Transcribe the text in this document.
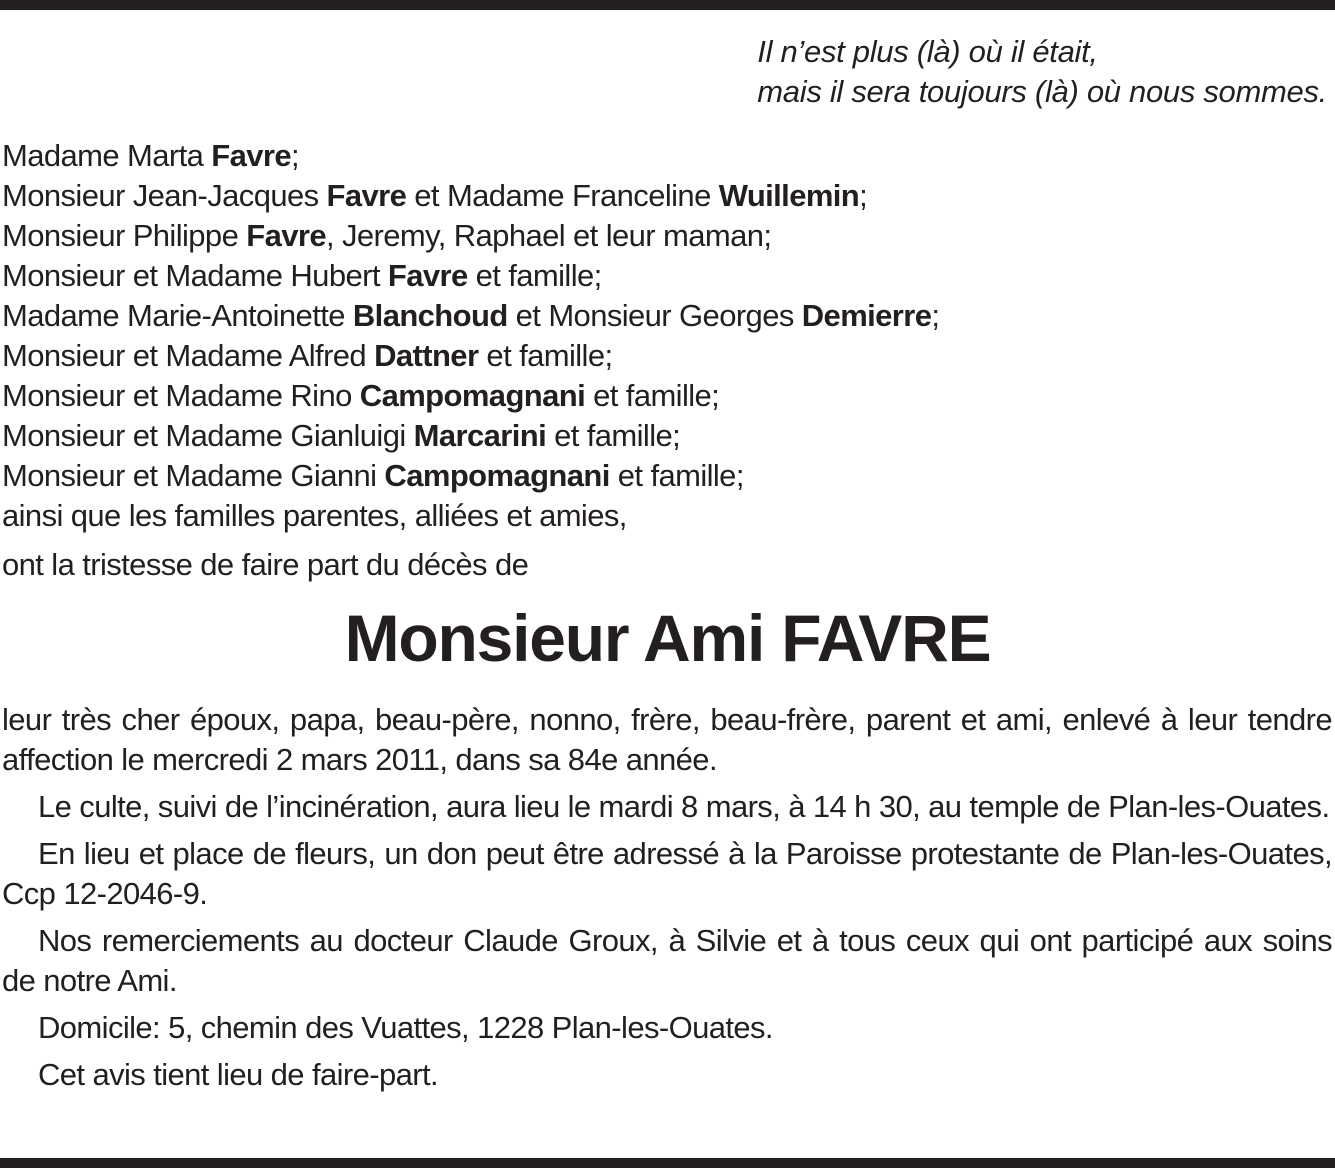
Il n’est plus (là) où il était,
mais il sera toujours (là) où nous sommes.
Madame Marta Favre;
Monsieur Jean-Jacques Favre et Madame Franceline Wuillemin;
Monsieur Philippe Favre, Jeremy, Raphael et leur maman;
Monsieur et Madame Hubert Favre et famille;
Madame Marie-Antoinette Blanchoud et Monsieur Georges Demierre;
Monsieur et Madame Alfred Dattner et famille;
Monsieur et Madame Rino Campomagnani et famille;
Monsieur et Madame Gianluigi Marcarini et famille;
Monsieur et Madame Gianni Campomagnani et famille;
ainsi que les familles parentes, alliées et amies,
ont la tristesse de faire part du décès de
Monsieur Ami FAVRE

leur très cher époux, papa, beau-père, nonno, frère, beau-frère, parent et ami, enlevé à leur tendre affection le mercredi 2 mars 2011, dans sa 84e année.

Le culte, suivi de l’incinération, aura lieu le mardi 8 mars, à 14 h 30, au temple de Plan-les-Ouates.

En lieu et place de fleurs, un don peut être adressé à la Paroisse protestante de Plan-les-Ouates, Ccp 12-2046-9.

Nos remerciements au docteur Claude Groux, à Silvie et à tous ceux qui ont participé aux soins de notre Ami.

Domicile: 5, chemin des Vuattes, 1228 Plan-les-Ouates.

Cet avis tient lieu de faire-part.
